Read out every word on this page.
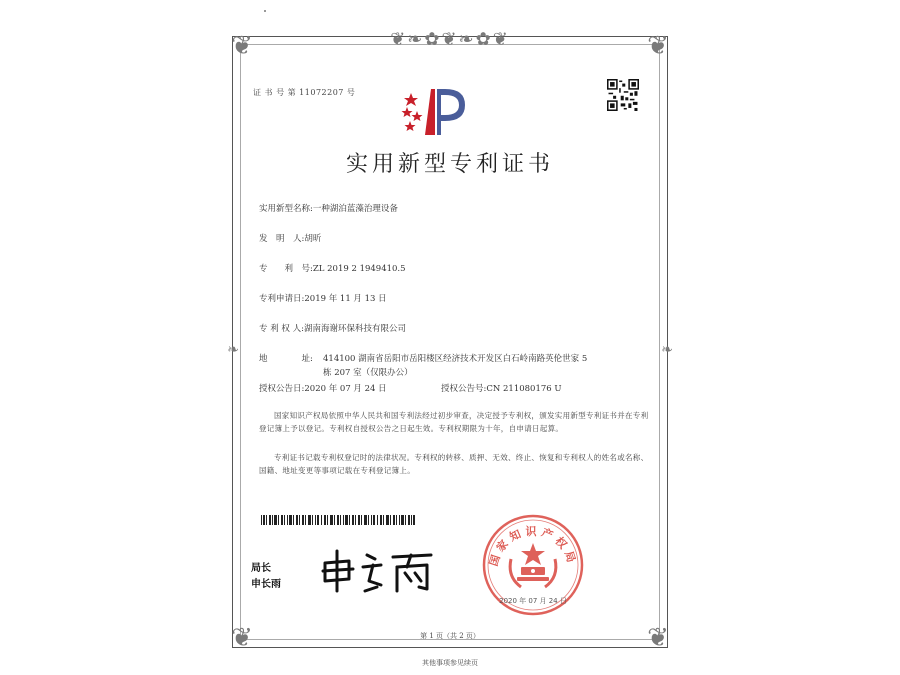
❦❧✿❦❧✿❦
❦	❦
❦	❦
❧	❧
证 书 号 第 11072207 号
实用新型专利证书
实用新型名称:一种湖泊蓝藻治理设备
发　明　人:胡昕
专　　利　号:ZL 2019 2 1949410.5
专利申请日:2019 年 11 月 13 日
专 利 权 人:湖南海谢环保科技有限公司
地　　　　址: 414100 湖南省岳阳市岳阳楼区经济技术开发区白石岭南路英伦世家 5 栋 207 室（仅限办公）
授权公告日:2020 年 07 月 24 日	授权公告号:CN 211080176 U
国家知识产权局依照中华人民共和国专利法经过初步审查，决定授予专利权，颁发实用新型专利证书并在专利登记簿上予以登记。专利权自授权公告之日起生效。专利权期限为十年，自申请日起算。
专利证书记载专利权登记时的法律状况。专利权的转移、质押、无效、终止、恢复和专利权人的姓名或名称、国籍、地址变更等事项记载在专利登记簿上。
局长
申长雨
国家知识产权局
2020 年 07 月 24 日
第 1 页（共 2 页）
其他事项参见续页
